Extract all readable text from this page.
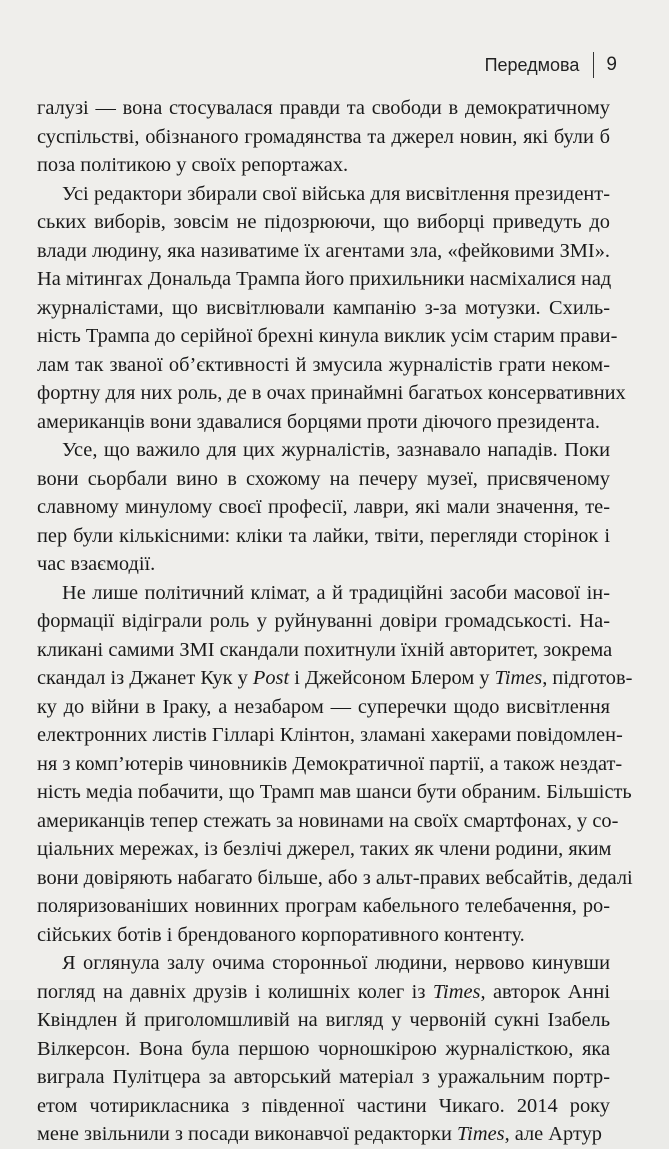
Передмова	9
галузі — вона стосувалася правди та свободи в демократичному
суспільстві, обізнаного громадянства та джерел новин, які були б
поза політикою у своїх репортажах.
Усі редактори збирали свої війська для висвітлення президент-
ських виборів, зовсім не підозрюючи, що виборці приведуть до
влади людину, яка називатиме їх агентами зла, «фейковими ЗМІ».
На мітингах Дональда Трампа його прихильники насміхалися над
журналістами, що висвітлювали кампанію з-за мотузки. Схиль-
ність Трампа до серійної брехні кинула виклик усім старим прави-
лам так званої об’єктивності й змусила журналістів грати неком-
фортну для них роль, де в очах принаймні багатьох консервативних
американців вони здавалися борцями проти діючого президента.
Усе, що важило для цих журналістів, зазнавало нападів. Поки
вони сьорбали вино в схожому на печеру музеї, присвяченому
славному минулому своєї професії, лаври, які мали значення, те-
пер були кількісними: кліки та лайки, твіти, перегляди сторінок і
час взаємодії.
Не лише політичний клімат, а й традиційні засоби масової ін-
формації відіграли роль у руйнуванні довіри громадськості. На-
кликані самими ЗМІ скандали похитнули їхній авторитет, зокрема
скандал із Джанет Кук у Post і Джейсоном Блером у Times, підготов-
ку до війни в Іраку, а незабаром — суперечки щодо висвітлення
електронних листів Гілларі Клінтон, зламані хакерами повідомлен-
ня з комп’ютерів чиновників Демократичної партії, а також нездат-
ність медіа побачити, що Трамп мав шанси бути обраним. Більшість
американців тепер стежать за новинами на своїх смартфонах, у со-
ціальних мережах, із безлічі джерел, таких як члени родини, яким
вони довіряють набагато більше, або з альт-правих вебсайтів, дедалі
поляризованіших новинних програм кабельного телебачення, ро-
сійських ботів і брендованого корпоративного контенту.
Я оглянула залу очима сторонньої людини, нервово кинувши
погляд на давніх друзів і колишніх колег із Times, авторок Анні
Квіндлен й приголомшливій на вигляд у червоній сукні Ізабель
Вілкерсон. Вона була першою чорношкірою журналісткою, яка
виграла Пулітцера за авторський матеріал з уражальним портр-
етом чотирикласника з південної частини Чикаго. 2014 року
мене звільнили з посади виконавчої редакторки Times, але Артур
